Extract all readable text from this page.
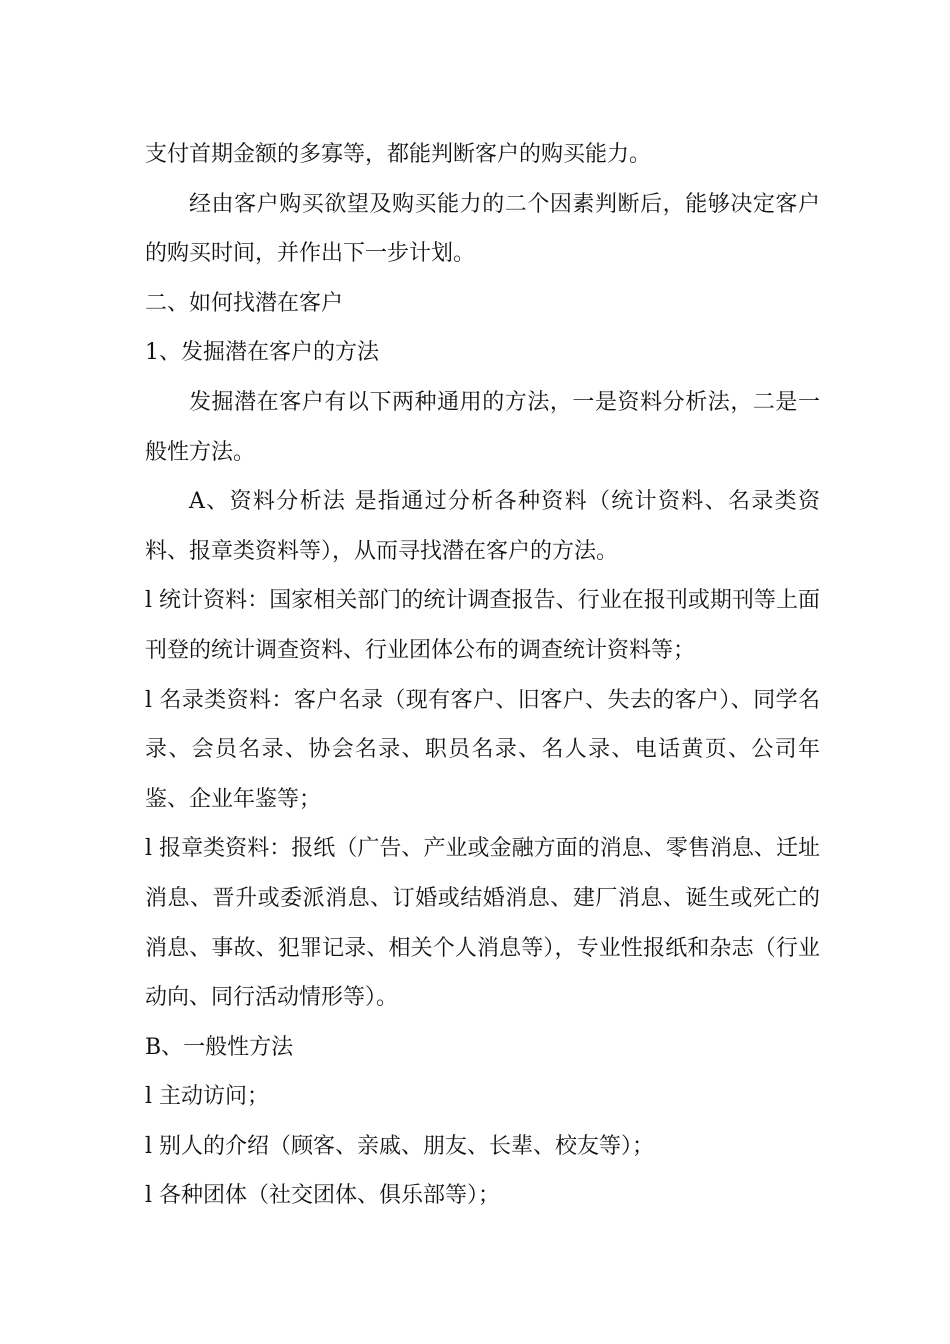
支付首期金额的多寡等，都能判断客户的购买能力。

经由客户购买欲望及购买能力的二个因素判断后，能够决定客户的购买时间，并作出下一步计划。

二、如何找潜在客户

1、发掘潜在客户的方法

发掘潜在客户有以下两种通用的方法，一是资料分析法，二是一般性方法。

A、资料分析法 是指通过分析各种资料（统计资料、名录类资料、报章类资料等），从而寻找潜在客户的方法。

l 统计资料：国家相关部门的统计调查报告、行业在报刊或期刊等上面刊登的统计调查资料、行业团体公布的调查统计资料等；

l 名录类资料：客户名录（现有客户、旧客户、失去的客户）、同学名录、会员名录、协会名录、职员名录、名人录、电话黄页、公司年鉴、企业年鉴等；

l 报章类资料：报纸（广告、产业或金融方面的消息、零售消息、迁址消息、晋升或委派消息、订婚或结婚消息、建厂消息、诞生或死亡的消息、事故、犯罪记录、相关个人消息等），专业性报纸和杂志（行业动向、同行活动情形等）。

B、一般性方法

l 主动访问；

l 别人的介绍（顾客、亲戚、朋友、长辈、校友等）；

l 各种团体（社交团体、俱乐部等）；
